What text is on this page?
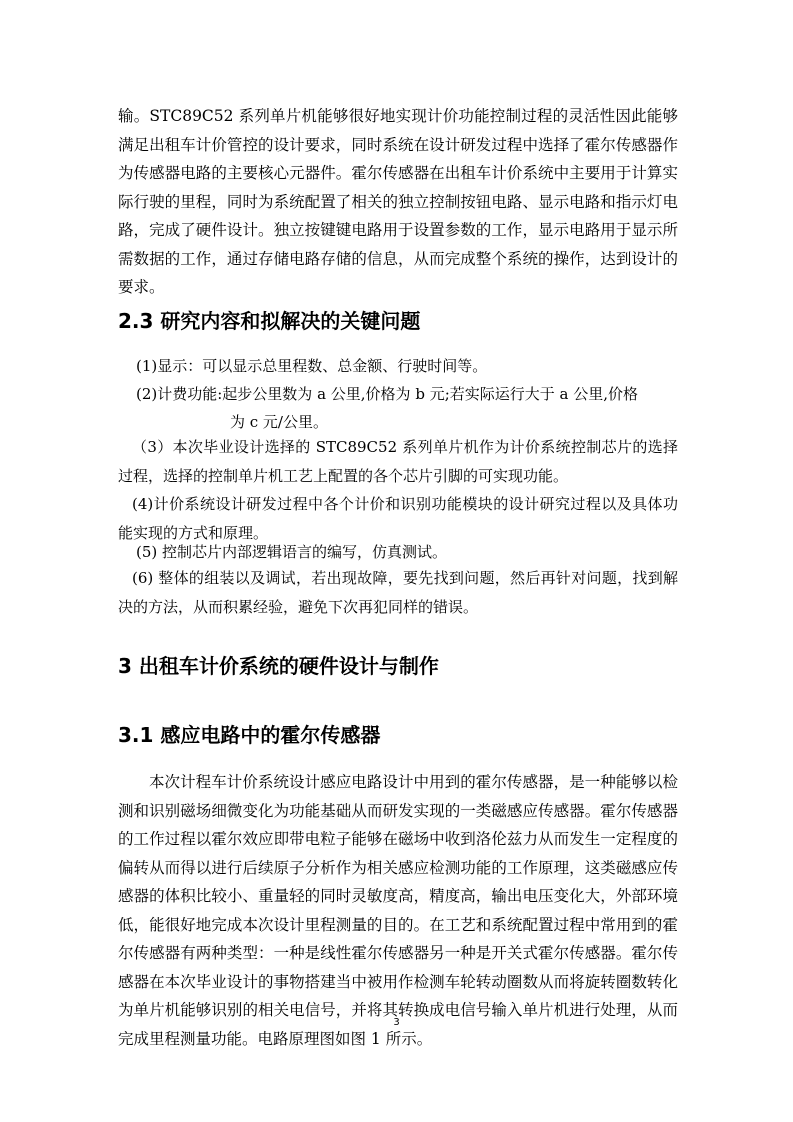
输。STC89C52 系列单片机能够很好地实现计价功能控制过程的灵活性因此能够满足出租车计价管控的设计要求，同时系统在设计研发过程中选择了霍尔传感器作为传感器电路的主要核心元器件。霍尔传感器在出租车计价系统中主要用于计算实际行驶的里程，同时为系统配置了相关的独立控制按钮电路、显示电路和指示灯电路，完成了硬件设计。独立按键键电路用于设置参数的工作，显示电路用于显示所需数据的工作，通过存储电路存储的信息，从而完成整个系统的操作，达到设计的要求。

2.3 研究内容和拟解决的关键问题

(1)显示：可以显示总里程数、总金额、行驶时间等。

(2)计费功能:起步公里数为 a 公里,价格为 b 元;若实际运行大于 a 公里,价格

为 c 元/公里。

（3）本次毕业设计选择的 STC89C52 系列单片机作为计价系统控制芯片的选择过程，选择的控制单片机工艺上配置的各个芯片引脚的可实现功能。

(4)计价系统设计研发过程中各个计价和识别功能模块的设计研究过程以及具体功能实现的方式和原理。

(5) 控制芯片内部逻辑语言的编写，仿真测试。

(6) 整体的组装以及调试，若出现故障，要先找到问题，然后再针对问题，找到解决的方法，从而积累经验，避免下次再犯同样的错误。

3 出租车计价系统的硬件设计与制作
3.1 感应电路中的霍尔传感器

本次计程车计价系统设计感应电路设计中用到的霍尔传感器，是一种能够以检测和识别磁场细微变化为功能基础从而研发实现的一类磁感应传感器。霍尔传感器的工作过程以霍尔效应即带电粒子能够在磁场中收到洛伦兹力从而发生一定程度的偏转从而得以进行后续原子分析作为相关感应检测功能的工作原理，这类磁感应传感器的体积比较小、重量轻的同时灵敏度高，精度高，输出电压变化大，外部环境低，能很好地完成本次设计里程测量的目的。在工艺和系统配置过程中常用到的霍尔传感器有两种类型：一种是线性霍尔传感器另一种是开关式霍尔传感器。霍尔传感器在本次毕业设计的事物搭建当中被用作检测车轮转动圈数从而将旋转圈数转化为单片机能够识别的相关电信号，并将其转换成电信号输入单片机进行处理，从而完成里程测量功能。电路原理图如图 1 所示。

3
